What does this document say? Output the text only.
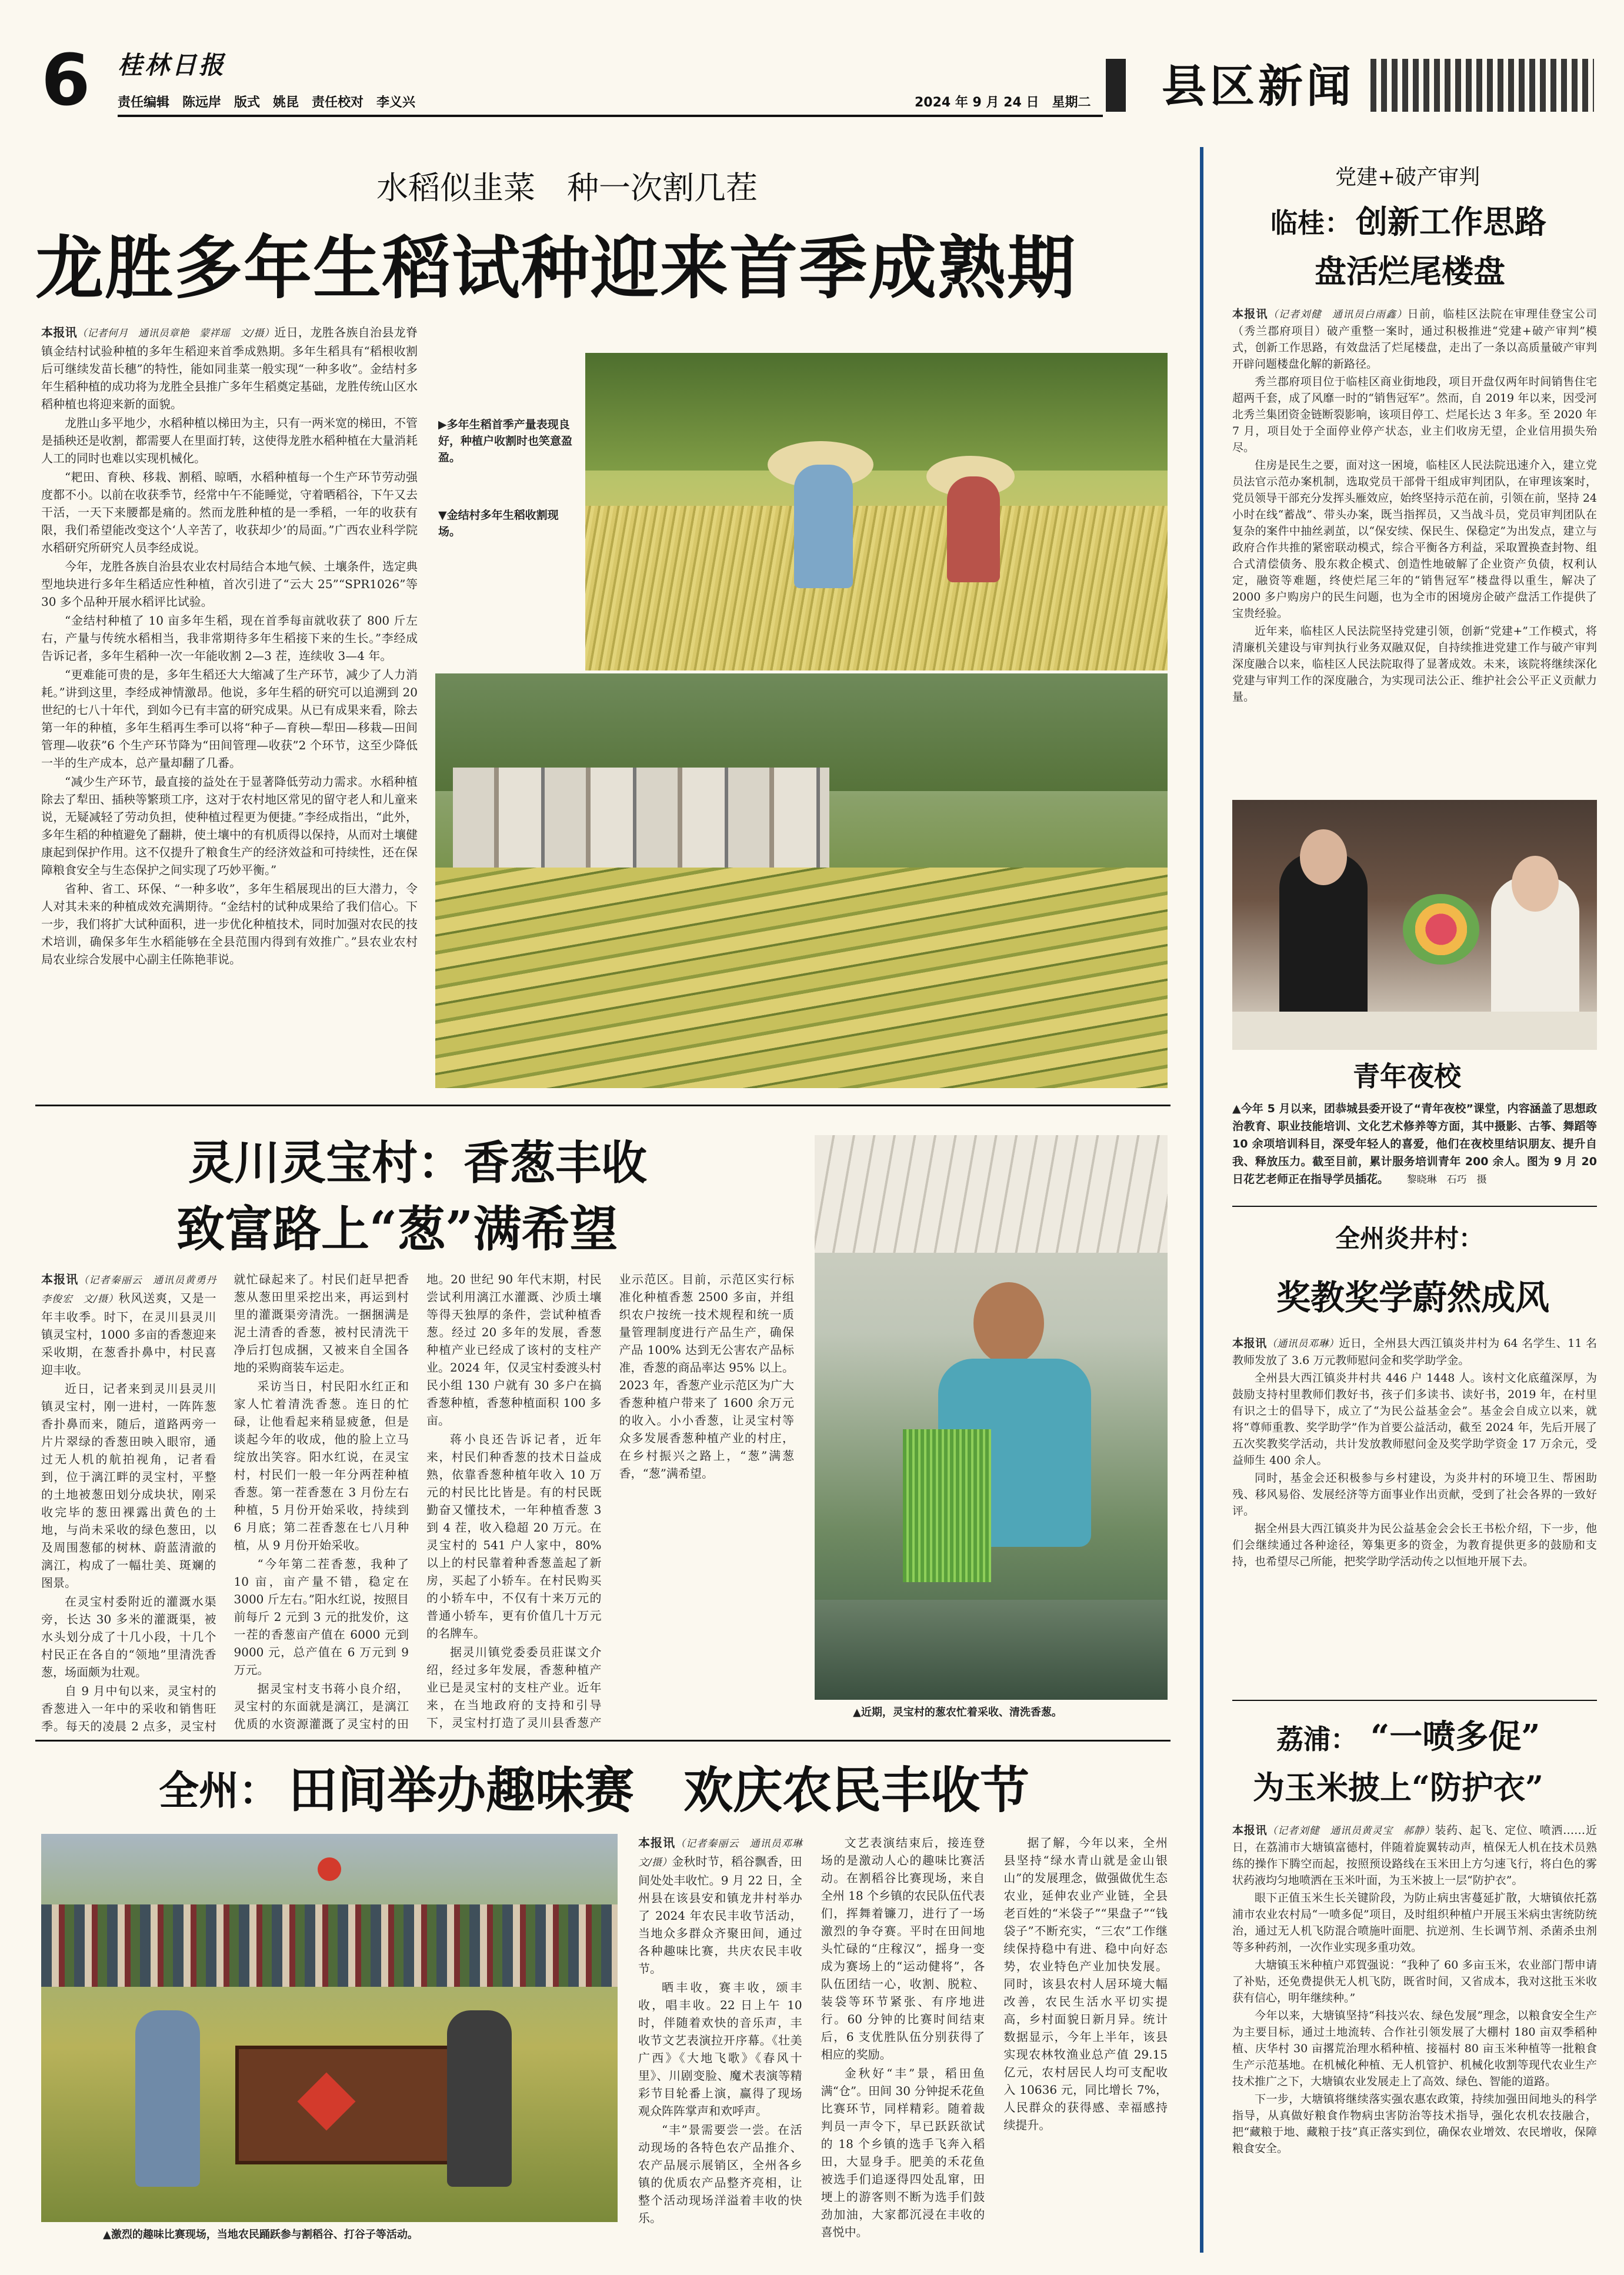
6 桂林日报
责任编辑　陈远岸　版式　姚昆　责任校对　李义兴	2024 年 9 月 24 日　星期二 县区新闻
水稻似韭菜　种一次割几茬
龙胜多年生稻试种迎来首季成熟期

本报讯（记者何月　通讯员章艳　蒙祥瑶　文/摄）近日，龙胜各族自治县龙脊镇金结村试验种植的多年生稻迎来首季成熟期。多年生稻具有“稻根收割后可继续发苗长穗”的特性，能如同韭菜一般实现“一种多收”。金结村多年生稻种植的成功将为龙胜全县推广多年生稻奠定基础，龙胜传统山区水稻种植也将迎来新的面貌。

龙胜山多平地少，水稻种植以梯田为主，只有一两米宽的梯田，不管是插秧还是收割，都需要人在里面打转，这使得龙胜水稻种植在大量消耗人工的同时也难以实现机械化。

“耙田、育秧、移栽、割稻、晾晒，水稻种植每一个生产环节劳动强度都不小。以前在收获季节，经常中午不能睡觉，守着晒稻谷，下午又去干活，一天下来腰都是痛的。然而龙胜种植的是一季稻，一年的收获有限，我们希望能改变这个‘人辛苦了，收获却少’的局面。”广西农业科学院水稻研究所研究人员李经成说。

今年，龙胜各族自治县农业农村局结合本地气候、土壤条件，选定典型地块进行多年生稻适应性种植，首次引进了“云大 25”“SPR1026”等 30 多个品种开展水稻评比试验。

“金结村种植了 10 亩多年生稻，现在首季每亩就收获了 800 斤左右，产量与传统水稻相当，我非常期待多年生稻接下来的生长。”李经成告诉记者，多年生稻种一次一年能收割 2—3 茬，连续收 3—4 年。

“更难能可贵的是，多年生稻还大大缩减了生产环节，减少了人力消耗。”讲到这里，李经成神情激昂。他说，多年生稻的研究可以追溯到 20 世纪的七八十年代，到如今已有丰富的研究成果。从已有成果来看，除去第一年的种植，多年生稻再生季可以将“种子—育秧—犁田—移栽—田间管理—收获”6 个生产环节降为“田间管理—收获”2 个环节，这至少降低一半的生产成本，总产量却翻了几番。

“减少生产环节，最直接的益处在于显著降低劳动力需求。水稻种植除去了犁田、插秧等繁琐工序，这对于农村地区常见的留守老人和儿童来说，无疑减轻了劳动负担，使种植过程更为便捷。”李经成指出，“此外，多年生稻的种植避免了翻耕，使土壤中的有机质得以保持，从而对土壤健康起到保护作用。这不仅提升了粮食生产的经济效益和可持续性，还在保障粮食安全与生态保护之间实现了巧妙平衡。”

省种、省工、环保、“一种多收”，多年生稻展现出的巨大潜力，令人对其未来的种植成效充满期待。“金结村的试种成果给了我们信心。下一步，我们将扩大试种面积，进一步优化种植技术，同时加强对农民的技术培训，确保多年生水稻能够在全县范围内得到有效推广。”县农业农村局农业综合发展中心副主任陈艳菲说。

▶多年生稻首季产量表现良好，种植户收割时也笑意盈盈。
▼金结村多年生稻收割现场。
灵川灵宝村：香葱丰收
致富路上“葱”满希望

本报讯（记者秦丽云　通讯员黄勇丹　李俊宏　文/摄）秋风送爽，又是一年丰收季。时下，在灵川县灵川镇灵宝村，1000 多亩的香葱迎来采收期，在葱香扑鼻中，村民喜迎丰收。

近日，记者来到灵川县灵川镇灵宝村，刚一进村，一阵阵葱香扑鼻而来，随后，道路两旁一片片翠绿的香葱田映入眼帘，通过无人机的航拍视角，记者看到，位于漓江畔的灵宝村，平整的土地被葱田划分成块状，刚采收完毕的葱田裸露出黄色的土地，与尚未采收的绿色葱田，以及周围葱郁的树林、蔚蓝清澈的漓江，构成了一幅壮美、斑斓的图景。

在灵宝村委附近的灌溉水渠旁，长达 30 多米的灌溉渠，被水头划分成了十几小段，十几个村民正在各自的“领地”里清洗香葱，场面颇为壮观。

自 9 月中旬以来，灵宝村的香葱进入一年中的采收和销售旺季。每天的凌晨 2 点多，灵宝村就忙碌起来了。村民们赶早把香葱从葱田里采挖出来，再运到村里的灌溉渠旁清洗。一捆捆满是泥土清香的香葱，被村民清洗干净后打包成捆，又被来自全国各地的采购商装车运走。

采访当日，村民阳水红正和家人忙着清洗香葱。连日的忙碌，让他看起来稍显疲惫，但是谈起今年的收成，他的脸上立马绽放出笑容。阳水红说，在灵宝村，村民们一般一年分两茬种植香葱。第一茬香葱在 3 月份左右种植，5 月份开始采收，持续到 6 月底；第二茬香葱在七八月种植，从 9 月份开始采收。

“今年第二茬香葱，我种了 10 亩，亩产量不错，稳定在 3000 斤左右。”阳水红说，按照目前每斤 2 元到 3 元的批发价，这一茬的香葱亩产值在 6000 元到 9000 元，总产值在 6 万元到 9 万元。

据灵宝村支书蒋小良介绍，灵宝村的东面就是漓江，是漓江优质的水资源灌溉了灵宝村的田地。20 世纪 90 年代末期，村民尝试利用漓江水灌溉、沙质土壤等得天独厚的条件，尝试种植香葱。经过 20 多年的发展，香葱种植产业已经成了该村的支柱产业。2024 年，仅灵宝村委渡头村民小组 130 户就有 30 多户在搞香葱种植，香葱种植面积 100 多亩。

蒋小良还告诉记者，近年来，村民们种香葱的技术日益成熟，依靠香葱种植年收入 10 万元的村民比比皆是。有的村民既勤奋又懂技术，一年种植香葱 3 到 4 茬，收入稳超 20 万元。在灵宝村的 541 户人家中，80% 以上的村民靠着种香葱盖起了新房，买起了小轿车。在村民购买的小轿车中，不仅有十来万元的普通小轿车，更有价值几十万元的名牌车。

据灵川镇党委委员莊谋文介绍，经过多年发展，香葱种植产业已是灵宝村的支柱产业。近年来，在当地政府的支持和引导下，灵宝村打造了灵川县香葱产业示范区。目前，示范区实行标准化种植香葱 2500 多亩，并组织农户按统一技术规程和统一质量管理制度进行产品生产，确保产品 100% 达到无公害农产品标准，香葱的商品率达 95% 以上。2023 年，香葱产业示范区为广大香葱种植户带来了 1600 余万元的收入。小小香葱，让灵宝村等众多发展香葱种植产业的村庄，在乡村振兴之路上，“葱”满葱香，“葱”满希望。

▲近期，灵宝村的葱农忙着采收、清洗香葱。
全州： 田间举办趣味赛　欢庆农民丰收节
▲激烈的趣味比赛现场，当地农民踊跃参与割稻谷、打谷子等活动。

本报讯（记者秦丽云　通讯员邓琳　文/摄）金秋时节，稻谷飘香，田间处处丰收忙。9 月 22 日，全州县在该县安和镇龙井村举办了 2024 年农民丰收节活动，当地众多群众齐聚田间，通过各种趣味比赛，共庆农民丰收节。

晒丰收，赛丰收，颂丰收，唱丰收。22 日上午 10 时，伴随着欢快的音乐声，丰收节文艺表演拉开序幕。《壮美广西》《大地飞歌》《春风十里》、川剧变脸、魔术表演等精彩节目轮番上演，赢得了现场观众阵阵掌声和欢呼声。

“丰”景需要尝一尝。在活动现场的各特色农产品推介、农产品展示展销区，全州各乡镇的优质农产品整齐亮相，让整个活动现场洋溢着丰收的快乐。

文艺表演结束后，接连登场的是激动人心的趣味比赛活动。在割稻谷比赛现场，来自全州 18 个乡镇的农民队伍代表们，挥舞着镰刀，进行了一场激烈的争夺赛。平时在田间地头忙碌的“庄稼汉”，摇身一变成为赛场上的“运动健将”，各队伍团结一心，收割、脱粒、装袋等环节紧张、有序地进行。60 分钟的比赛时间结束后，6 支优胜队伍分别获得了相应的奖励。

金秋好“丰”景，稻田鱼满“仓”。田间 30 分钟捉禾花鱼比赛环节，同样精彩。随着裁判员一声令下，早已跃跃欲试的 18 个乡镇的选手飞奔入稻田，大显身手。肥美的禾花鱼被选手们追逐得四处乱窜，田埂上的游客则不断为选手们鼓劲加油，大家都沉浸在丰收的喜悦中。

据了解，今年以来，全州县坚持“绿水青山就是金山银山”的发展理念，做强做优生态农业，延伸农业产业链，全县老百姓的“米袋子”“果盘子”“钱袋子”不断充实，“三农”工作继续保持稳中有进、稳中向好态势，农业特色产业加快发展。同时，该县农村人居环境大幅改善，农民生活水平切实提高，乡村面貌日新月异。统计数据显示，今年上半年，该县实现农林牧渔业总产值 29.15 亿元，农村居民人均可支配收入 10636 元，同比增长 7%，人民群众的获得感、幸福感持续提升。

党建+破产审判
临桂： 创新工作思路
盘活烂尾楼盘

本报讯（记者刘健　通讯员白雨鑫）日前，临桂区法院在审理佳登宝公司（秀兰郡府项目）破产重整一案时，通过积极推进“党建+破产审判”模式，创新工作思路，有效盘活了烂尾楼盘，走出了一条以高质量破产审判开辟问题楼盘化解的新路径。

秀兰郡府项目位于临桂区商业街地段，项目开盘仅两年时间销售住宅超两千套，成了风靡一时的“销售冠军”。然而，自 2019 年以来，因受河北秀兰集团资金链断裂影响，该项目停工、烂尾长达 3 年多。至 2020 年 7 月，项目处于全面停业停产状态，业主们收房无望，企业信用损失殆尽。

住房是民生之要，面对这一困境，临桂区人民法院迅速介入，建立党员法官示范办案机制，选取党员干部骨干组成审判团队，在审理该案时，党员领导干部充分发挥头雁效应，始终坚持示范在前，引领在前，坚持 24 小时在线“蓄战”、带头办案，既当指挥员，又当战斗员，党员审判团队在复杂的案件中抽丝剥茧，以“保安续、保民生、保稳定”为出发点，建立与政府合作共推的紧密联动模式，综合平衡各方利益，采取置换查封物、组合式清偿债务、股东救企模式、创造性地破解了企业资产负债，权利认定，融资等难题，终使烂尾三年的“销售冠军”楼盘得以重生，解决了 2000 多户购房户的民生问题，也为全市的困境房企破产盘活工作提供了宝贵经验。

近年来，临桂区人民法院坚持党建引领，创新“党建+”工作模式，将清廉机关建设与审判执行业务双融双促，自持续推进党建工作与破产审判深度融合以来，临桂区人民法院取得了显著成效。未来，该院将继续深化党建与审判工作的深度融合，为实现司法公正、维护社会公平正义贡献力量。

青年夜校
▲今年 5 月以来，团恭城县委开设了“青年夜校”课堂，内容涵盖了思想政治教育、职业技能培训、文化艺术修养等方面，其中摄影、古筝、舞蹈等 10 余项培训科目，深受年轻人的喜爱，他们在夜校里结识朋友、提升自我、释放压力。截至目前，累计服务培训青年 200 余人。图为 9 月 20 日花艺老师正在指导学员插花。 黎晓琳　石巧　摄
全州炎井村：
奖教奖学蔚然成风

本报讯（通讯员邓琳）近日，全州县大西江镇炎井村为 64 名学生、11 名教师发放了 3.6 万元教师慰问金和奖学助学金。

全州县大西江镇炎井村共 446 户 1448 人。该村文化底蕴深厚，为鼓励支持村里教师们教好书，孩子们多读书、读好书，2019 年，在村里有识之士的倡导下，成立了“为民公益基金会”。基金会自成立以来，就将“尊师重教、奖学助学”作为首要公益活动，截至 2024 年，先后开展了五次奖教奖学活动，共计发放教师慰问金及奖学助学资金 17 万余元，受益师生 400 余人。

同时，基金会还积极参与乡村建设，为炎井村的环境卫生、帮困助残、移风易俗、发展经济等方面事业作出贡献，受到了社会各界的一致好评。

据全州县大西江镇炎井为民公益基金会会长王书松介绍，下一步，他们会继续通过各种途径，筹集更多的资金，为教育提供更多的鼓励和支持，也希望尽己所能，把奖学助学活动传之以恒地开展下去。

荔浦： “一喷多促”
为玉米披上“防护衣”

本报讯（记者刘健　通讯员黄灵宝　郝静）装药、起飞、定位、喷洒……近日，在荔浦市大塘镇富德村，伴随着旋翼转动声，植保无人机在技术员熟练的操作下腾空而起，按照预设路线在玉米田上方匀速飞行，将白色的雾状药液均匀地喷洒在玉米叶面，为玉米披上一层“防护衣”。

眼下正值玉米生长关键阶段，为防止病虫害蔓延扩散，大塘镇依托荔浦市农业农村局“一喷多促”项目，及时组织种植户开展玉米病虫害统防统治，通过无人机飞防混合喷施叶面肥、抗逆剂、生长调节剂、杀菌杀虫剂等多种药剂，一次作业实现多重功效。

大塘镇玉米种植户邓賀强说：“我种了 60 多亩玉米，农业部门帮申请了补贴，还免费提供无人机飞防，既省时间，又省成本，我对这批玉米收获有信心，明年继续种。”

今年以来，大塘镇坚持“科技兴农、绿色发展”理念，以粮食安全生产为主要目标，通过土地流转、合作社引领发展了大棚村 180 亩双季稻种植、庆华村 30 亩撂荒治理水稻种植、接福村 80 亩玉米种植等一批粮食生产示范基地。在机械化种植、无人机管护、机械化收割等现代农业生产技术推广之下，大塘镇农业发展走上了高效、绿色、智能的道路。

下一步，大塘镇将继续落实强农惠农政策，持续加强田间地头的科学指导，从真做好粮食作物病虫害防治等技术指导，强化农机农技融合，把“藏粮于地、藏粮于技”真正落实到位，确保农业增效、农民增收，保障粮食安全。
